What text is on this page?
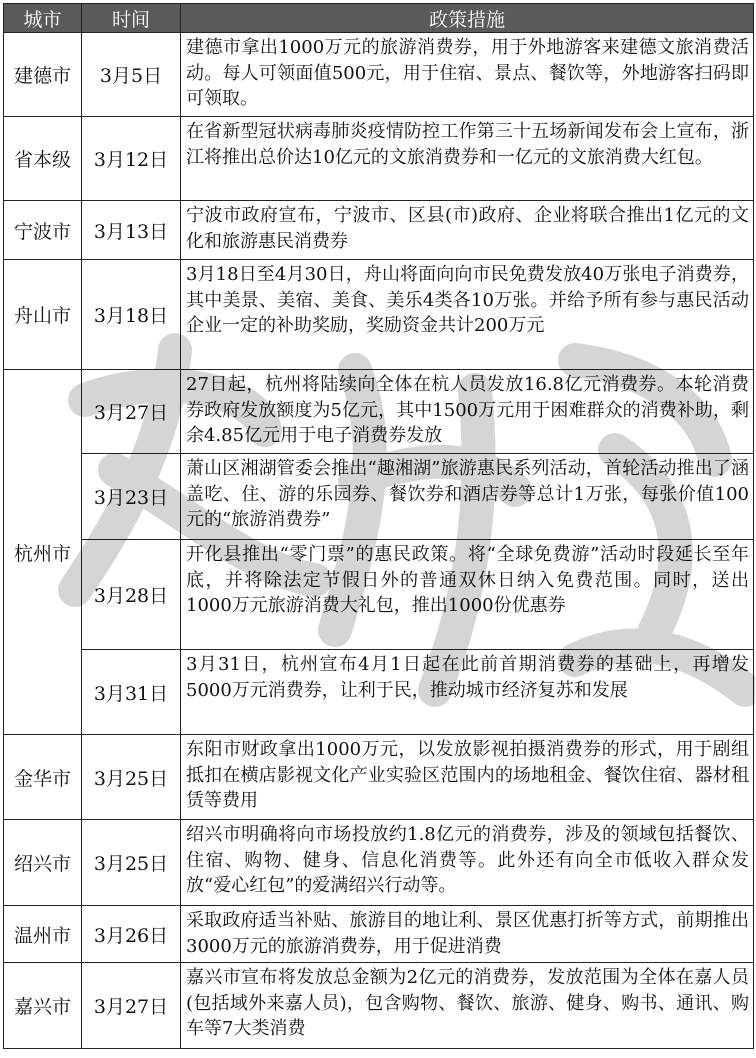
城市	时间	政策措施
建德市	3月5日	建德市拿出1000万元的旅游消费券，用于外地游客来建德文旅消费活动。每人可领面值500元，用于住宿、景点、餐饮等，外地游客扫码即可领取。
省本级	3月12日	在省新型冠状病毒肺炎疫情防控工作第三十五场新闻发布会上宣布，浙江将推出总价达10亿元的文旅消费券和一亿元的文旅消费大红包。
宁波市	3月13日	宁波市政府宣布，宁波市、区县(市)政府、企业将联合推出1亿元的文化和旅游惠民消费券
舟山市	3月18日	3月18日至4月30日，舟山将面向向市民免费发放40万张电子消费券，其中美景、美宿、美食、美乐4类各10万张。并给予所有参与惠民活动企业一定的补助奖励，奖励资金共计200万元
杭州市	3月27日	27日起，杭州将陆续向全体在杭人员发放16.8亿元消费券。本轮消费券政府发放额度为5亿元，其中1500万元用于困难群众的消费补助，剩余4.85亿元用于电子消费券发放
	3月23日	萧山区湘湖管委会推出“趣湘湖”旅游惠民系列活动，首轮活动推出了涵盖吃、住、游的乐园券、餐饮券和酒店券等总计1万张，每张价值100元的“旅游消费券”
	3月28日	开化县推出“零门票”的惠民政策。将“全球免费游”活动时段延长至年底，并将除法定节假日外的普通双休日纳入免费范围。同时，送出1000万元旅游消费大礼包，推出1000份优惠券
	3月31日	3月31日，杭州宣布4月1日起在此前首期消费券的基础上，再增发5000万元消费券，让利于民，推动城市经济复苏和发展
金华市	3月25日	东阳市财政拿出1000万元，以发放影视拍摄消费券的形式，用于剧组抵扣在横店影视文化产业实验区范围内的场地租金、餐饮住宿、器材租赁等费用
绍兴市	3月25日	绍兴市明确将向市场投放约1.8亿元的消费券，涉及的领域包括餐饮、住宿、购物、健身、信息化消费等。此外还有向全市低收入群众发放“爱心红包”的爱满绍兴行动等。
温州市	3月26日	采取政府适当补贴、旅游目的地让利、景区优惠打折等方式，前期推出3000万元的旅游消费券，用于促进消费
嘉兴市	3月27日	嘉兴市宣布将发放总金额为2亿元的消费券，发放范围为全体在嘉人员(包括域外来嘉人员)，包含购物、餐饮、旅游、健身、购书、通讯、购车等7大类消费
